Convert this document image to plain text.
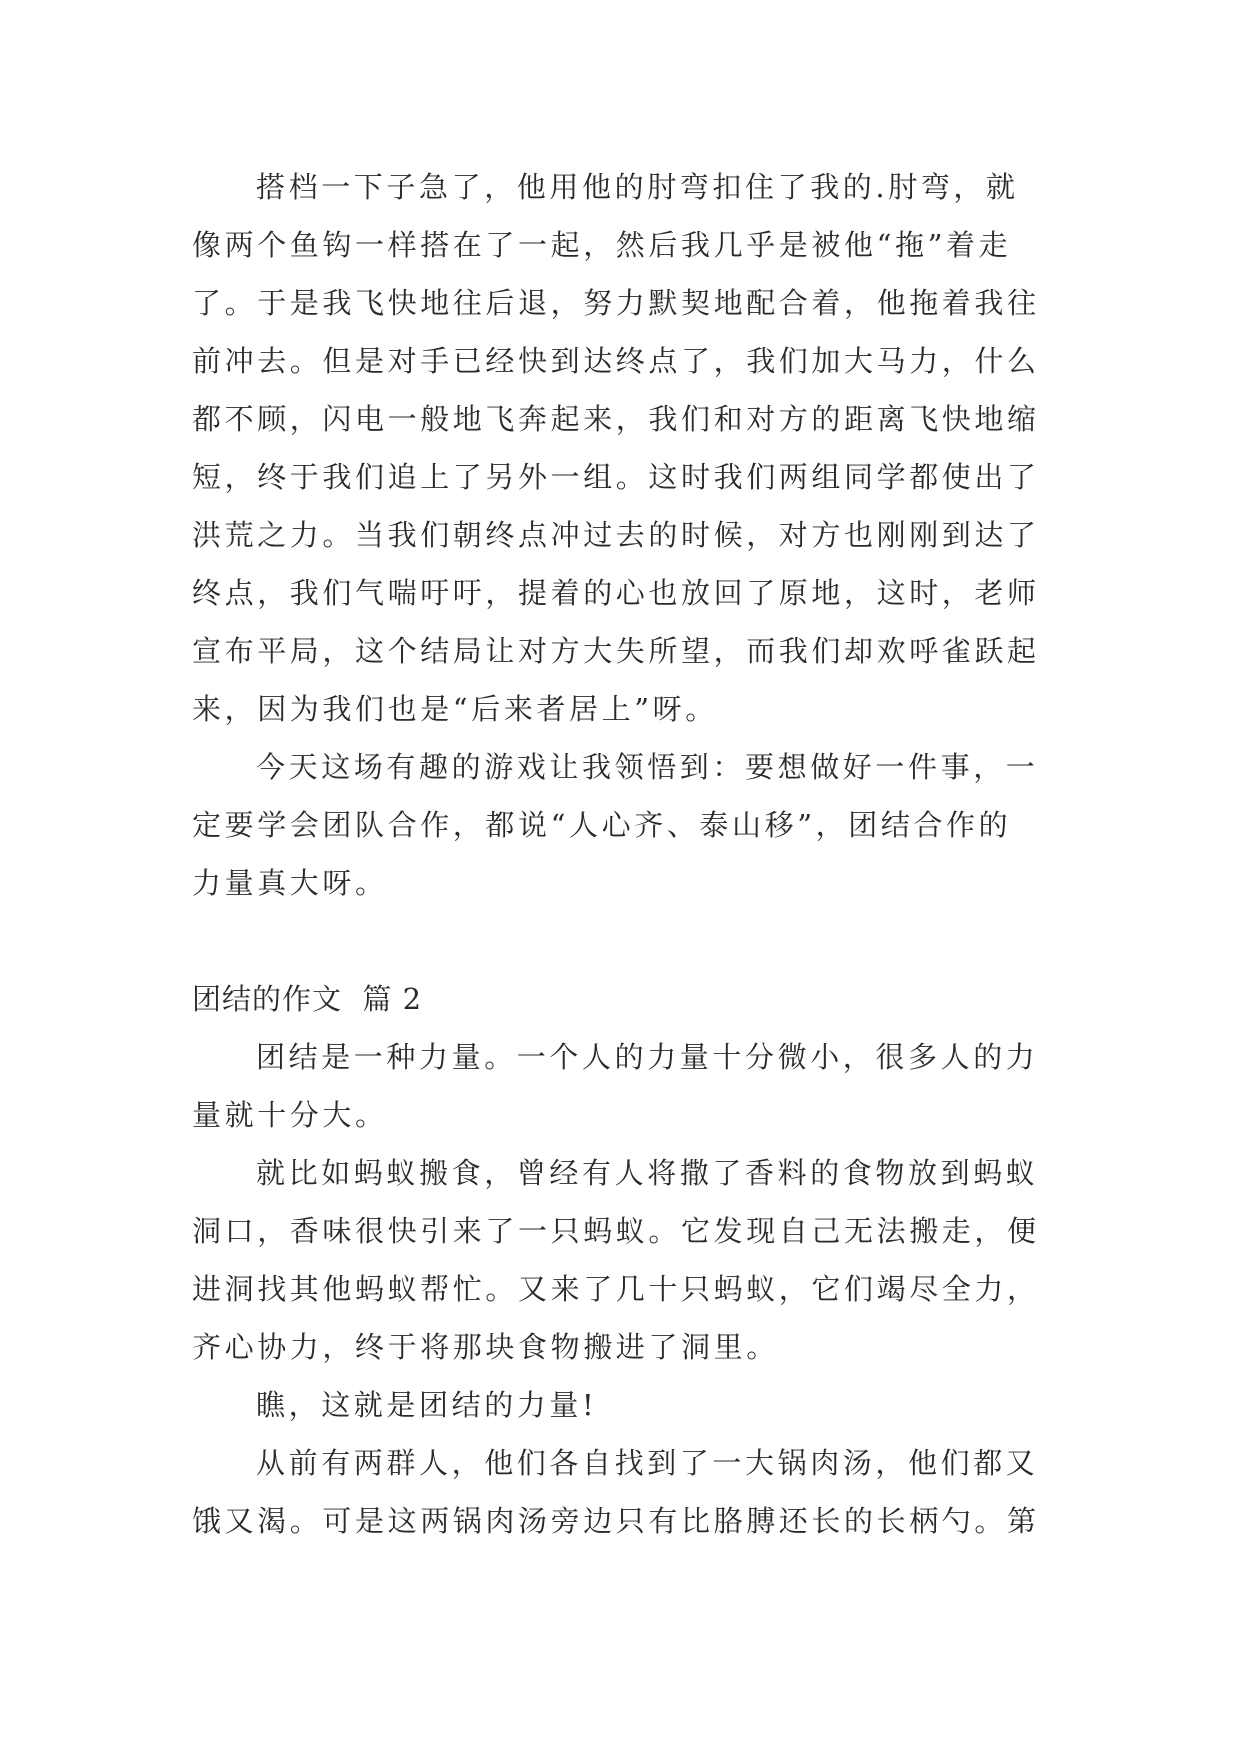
搭档一下子急了，他用他的肘弯扣住了我的.肘弯，就
像两个鱼钩一样搭在了一起，然后我几乎是被他“拖”着走
了。于是我飞快地往后退，努力默契地配合着，他拖着我往
前冲去。但是对手已经快到达终点了，我们加大马力，什么
都不顾，闪电一般地飞奔起来，我们和对方的距离飞快地缩
短，终于我们追上了另外一组。这时我们两组同学都使出了
洪荒之力。当我们朝终点冲过去的时候，对方也刚刚到达了
终点，我们气喘吁吁，提着的心也放回了原地，这时，老师
宣布平局，这个结局让对方大失所望，而我们却欢呼雀跃起
来，因为我们也是“后来者居上”呀。
今天这场有趣的游戏让我领悟到：要想做好一件事，一
定要学会团队合作，都说“人心齐、泰山移”，团结合作的
力量真大呀。
团结的作文  篇 2
团结是一种力量。一个人的力量十分微小，很多人的力
量就十分大。
就比如蚂蚁搬食，曾经有人将撒了香料的食物放到蚂蚁
洞口，香味很快引来了一只蚂蚁。它发现自己无法搬走，便
进洞找其他蚂蚁帮忙。又来了几十只蚂蚁，它们竭尽全力，
齐心协力，终于将那块食物搬进了洞里。
瞧，这就是团结的力量!
从前有两群人，他们各自找到了一大锅肉汤，他们都又
饿又渴。可是这两锅肉汤旁边只有比胳膊还长的长柄勺。第
